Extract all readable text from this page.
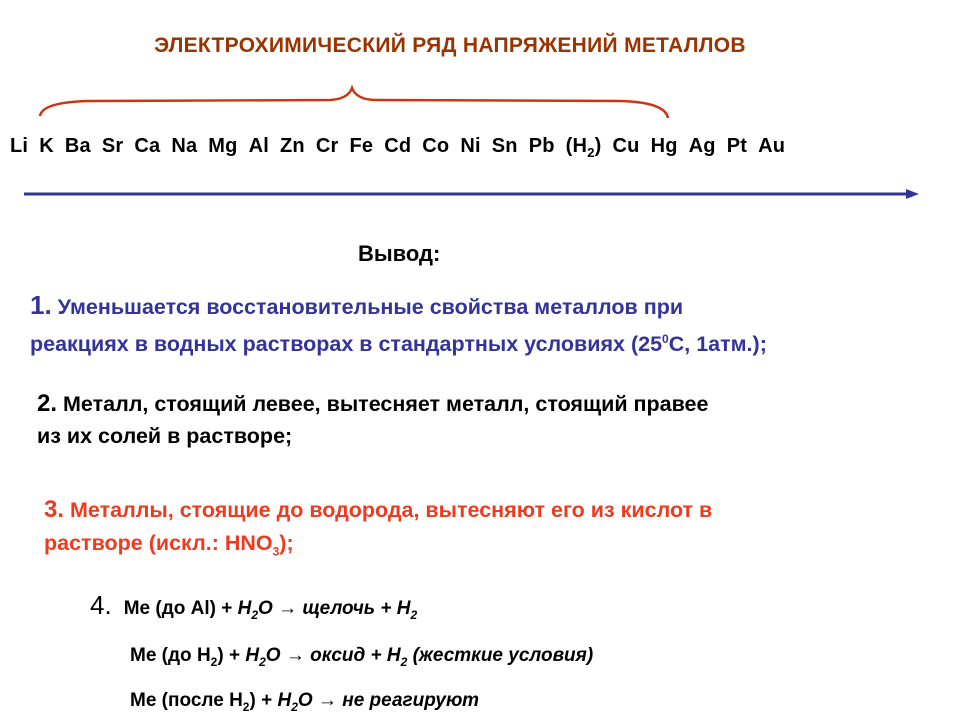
ЭЛЕКТРОХИМИЧЕСКИЙ РЯД НАПРЯЖЕНИЙ МЕТАЛЛОВ
Li K Ba Sr Ca Na Mg Al Zn Cr Fe Cd Co Ni Sn Pb $(H_2)$ Cu Hg Ag Pt Au
Вывод:
1. Уменьшается восстановительные свойства металлов при
реакциях в водных растворах в стандартных условиях ($25^0С$, 1атм.);
2. Металл, стоящий левее, вытесняет металл, стоящий правее
из их солей в растворе;
3. Металлы, стоящие до водорода, вытесняют его из кислот в
растворе (искл.: $HNO_3$);
4. Me (до $Al) + H_2O$ → щелочь + $H_2$
Me (до $H_2) + H_2O$ → оксид + $H_2$ (жесткие условия)
Me (после $H_2) + H_2O$ → не реагируют
